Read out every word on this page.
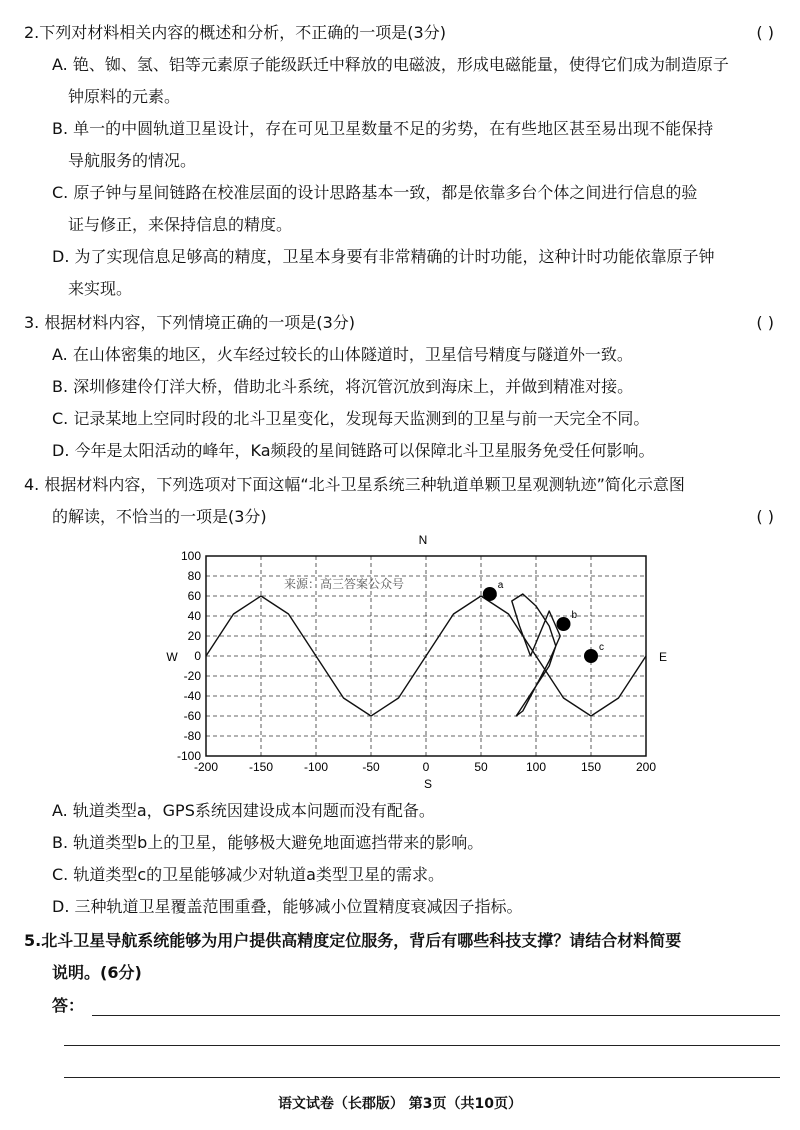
2.下列对材料相关内容的概述和分析，不正确的一项是(3分)	( )
A. 铯、铷、氢、铝等元素原子能级跃迁中释放的电磁波，形成电磁能量，使得它们成为制造原子
钟原料的元素。
B. 单一的中圆轨道卫星设计，存在可见卫星数量不足的劣势，在有些地区甚至易出现不能保持
导航服务的情况。
C. 原子钟与星间链路在校准层面的设计思路基本一致，都是依靠多台个体之间进行信息的验
证与修正，来保持信息的精度。
D. 为了实现信息足够高的精度，卫星本身要有非常精确的计时功能，这种计时功能依靠原子钟
来实现。
3. 根据材料内容，下列情境正确的一项是(3分)	( )
A. 在山体密集的地区，火车经过较长的山体隧道时，卫星信号精度与隧道外一致。
B. 深圳修建伶仃洋大桥，借助北斗系统，将沉管沉放到海床上，并做到精准对接。
C. 记录某地上空同时段的北斗卫星变化，发现每天监测到的卫星与前一天完全不同。
D. 今年是太阳活动的峰年，Ka频段的星间链路可以保障北斗卫星服务免受任何影响。
4. 根据材料内容，下列选项对下面这幅“北斗卫星系统三种轨道单颗卫星观测轨迹”简化示意图
的解读，不恰当的一项是(3分)	( )
-200	-150	-100	-50	0	50	100	150	200
100
80
60
40
20
0
-20
-40
-60
-80
-100
a
b
c
N
S
W	E
来源：高三答案公众号
A. 轨道类型a，GPS系统因建设成本问题而没有配备。
B. 轨道类型b上的卫星，能够极大避免地面遮挡带来的影响。
C. 轨道类型c的卫星能够减少对轨道a类型卫星的需求。
D. 三种轨道卫星覆盖范围重叠，能够减小位置精度衰减因子指标。
5.北斗卫星导航系统能够为用户提供高精度定位服务，背后有哪些科技支撑？请结合材料简要
说明。(6分)
答：
语文试卷（长郡版） 第3页（共10页）
